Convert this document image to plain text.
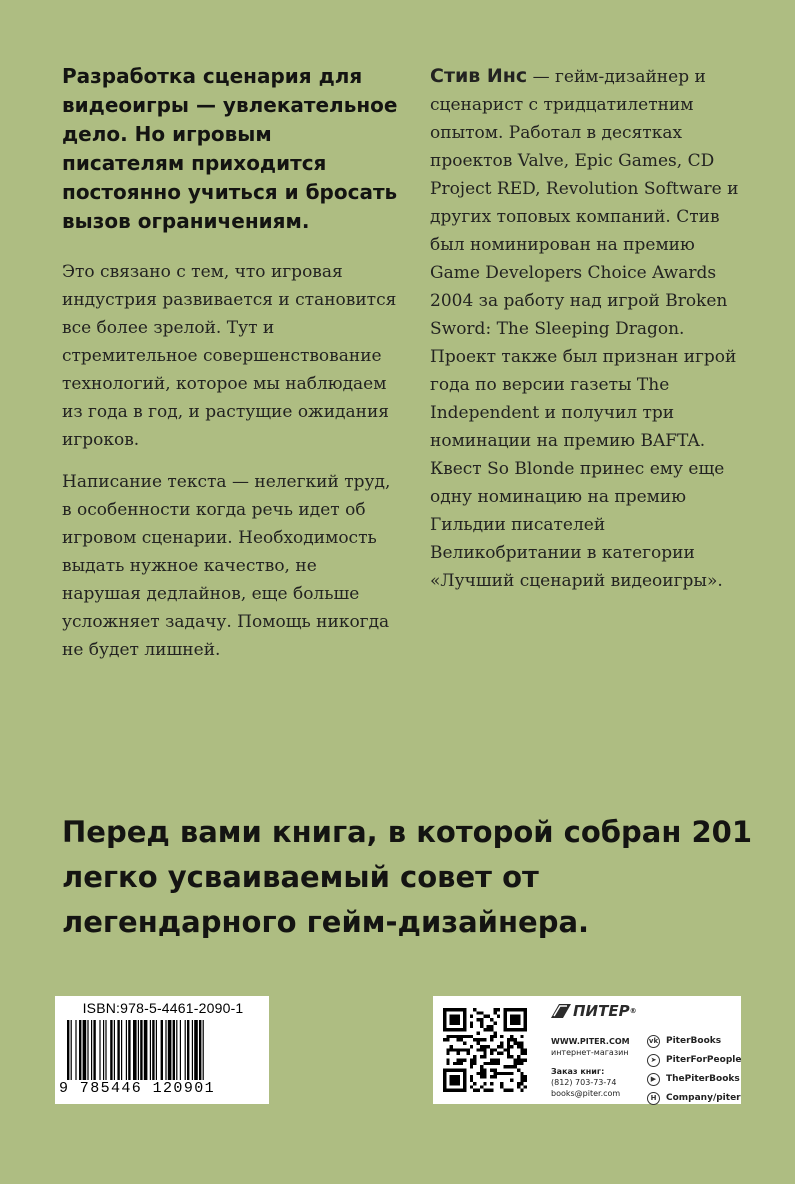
Разработка сценария для видеоигры — увлекательное дело. Но игровым писателям приходится постоянно учиться и бросать вызов ограничениям.

Это связано с тем, что игровая индустрия развивается и становится все более зрелой. Тут и стремительное совершенствование технологий, которое мы наблюдаем из года в год, и растущие ожидания игроков.

Написание текста — нелегкий труд, в особенности когда речь идет об игровом сценарии. Необходимость выдать нужное качество, не нарушая дедлайнов, еще больше усложняет задачу. Помощь никогда не будет лишней.

Стив Инс — гейм-дизайнер и сценарист с тридцатилетним опытом. Работал в десятках проектов Valve, Epic Games, CD Project RED, Revolution Software и других топовых компаний. Стив был номинирован на премию Game Developers Choice Awards 2004 за работу над игрой Broken Sword: The Sleeping Dragon. Проект также был признан игрой года по версии газеты The Independent и получил три номинации на премию BAFTA. Квест So Blonde принес ему еще одну номинацию на премию Гильдии писателей Великобритании в категории «Лучший сценарий видеоигры».

Перед вами книга, в которой собран 201 легко усваиваемый совет от легендарного гейм-дизайнера.

ISBN:978-5-4461-2090-1
9 785446 120901
ПИТЕР ®
WWW.PITER.COM
интернет-магазин
Заказ книг:
(812) 703-73-74
books@piter.com
vk PiterBooks
➤	PiterForPeople
▶	ThePiterBooks
H	Company/piter
